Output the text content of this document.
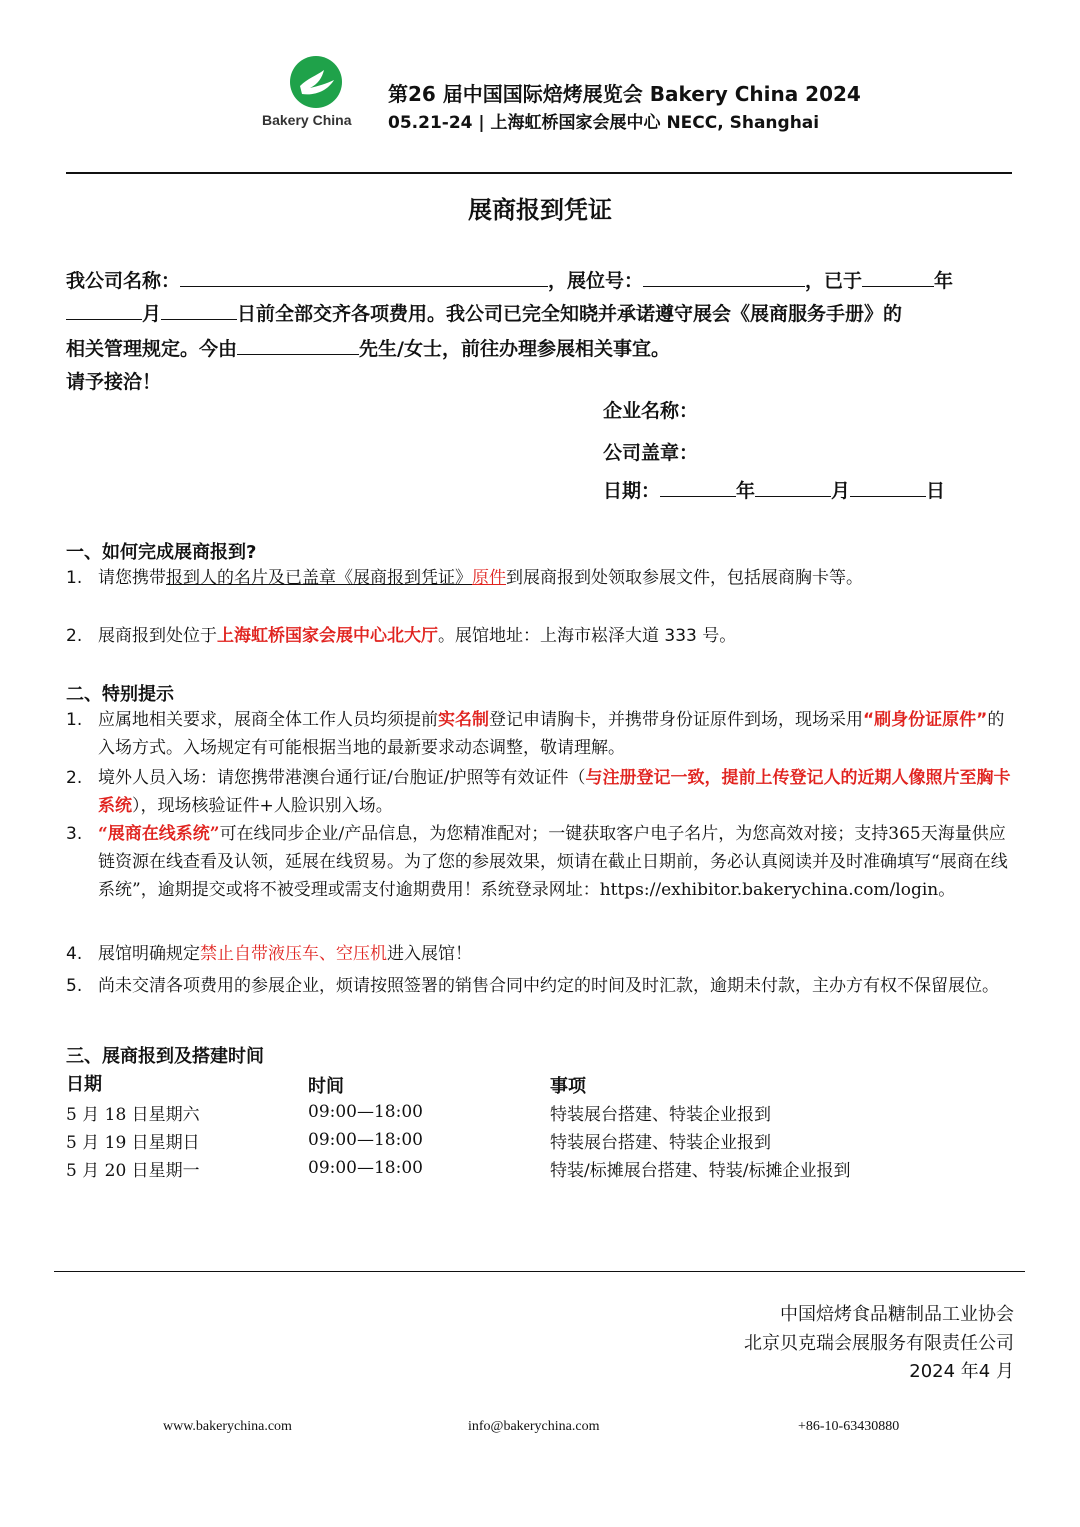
Bakery China
第26 届中国国际焙烤展览会 Bakery China 2024
05.21-24 | 上海虹桥国家会展中心 NECC, Shanghai
展商报到凭证
我公司名称：	，展位号：	，已于	年
月	日前全部交齐各项费用。我公司已完全知晓并承诺遵守展会《展商服务手册》的
相关管理规定。今由	先生/女士，前往办理参展相关事宜。
请予接洽！
企业名称：
公司盖章：
日期：	年	月	日
一、如何完成展商报到?
1. 请您携带报到人的名片及已盖章《展商报到凭证》原件到展商报到处领取参展文件，包括展商胸卡等。
2. 展商报到处位于上海虹桥国家会展中心北大厅。展馆地址：上海市崧泽大道 333 号。
二、特别提示
1. 应属地相关要求，展商全体工作人员均须提前实名制登记申请胸卡，并携带身份证原件到场，现场采用“刷身份证原件”的入场方式。入场规定有可能根据当地的最新要求动态调整，敬请理解。
2. 境外人员入场：请您携带港澳台通行证/台胞证/护照等有效证件（与注册登记一致，提前上传登记人的近期人像照片至胸卡系统），现场核验证件+人脸识别入场。
3. “展商在线系统”可在线同步企业/产品信息，为您精准配对；一键获取客户电子名片，为您高效对接；支持365天海量供应链资源在线查看及认领，延展在线贸易。为了您的参展效果，烦请在截止日期前，务必认真阅读并及时准确填写“展商在线系统”，逾期提交或将不被受理或需支付逾期费用！系统登录网址：https://exhibitor.bakerychina.com/login。
4. 展馆明确规定禁止自带液压车、空压机进入展馆！
5. 尚未交清各项费用的参展企业，烦请按照签署的销售合同中约定的时间及时汇款，逾期未付款，主办方有权不保留展位。
三、展商报到及搭建时间
日期	时间	事项
5 月 18 日星期六	09:00—18:00	特装展台搭建、特装企业报到
5 月 19 日星期日	09:00—18:00	特装展台搭建、特装企业报到
5 月 20 日星期一	09:00—18:00	特装/标摊展台搭建、特装/标摊企业报到
中国焙烤食品糖制品工业协会
北京贝克瑞会展服务有限责任公司
2024 年4 月
www.bakerychina.com	info@bakerychina.com	+86-10-63430880
